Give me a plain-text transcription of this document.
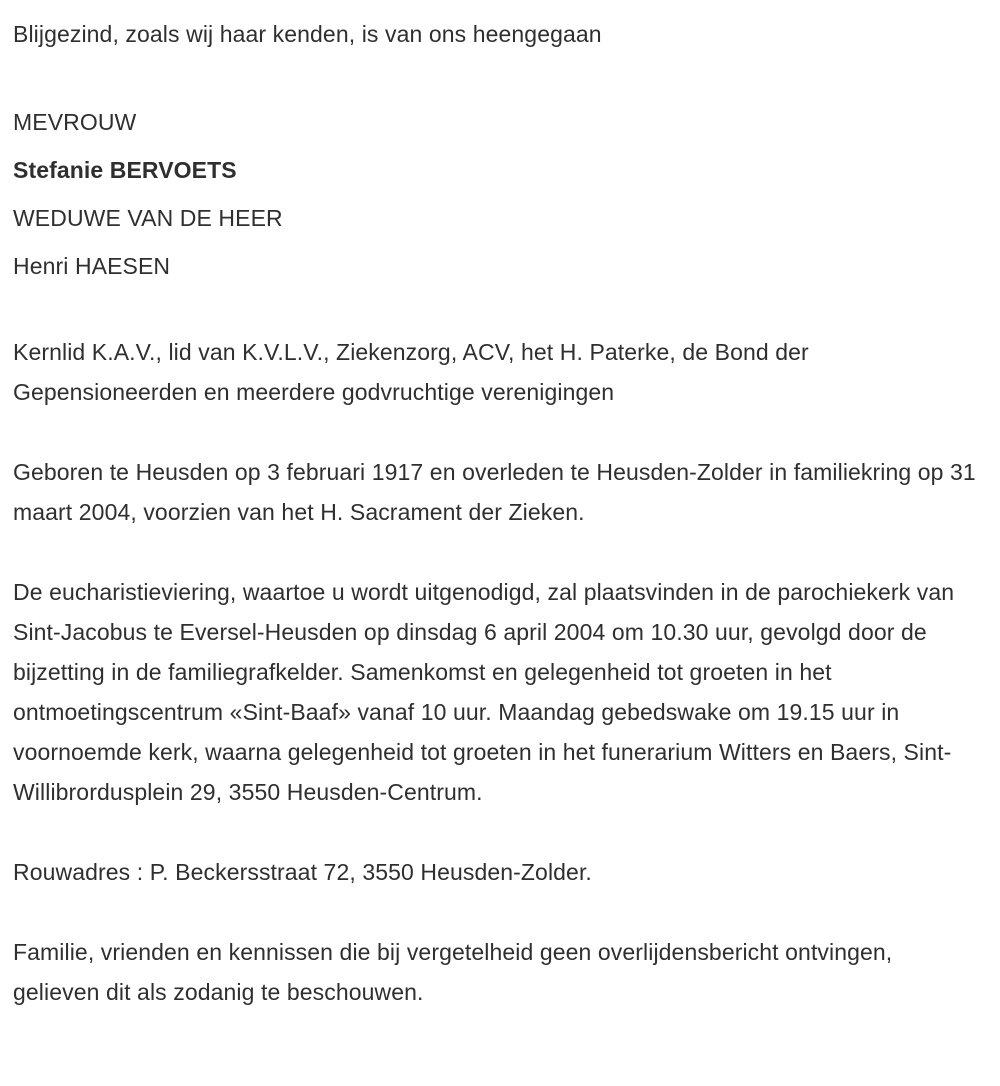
Blijgezind, zoals wij haar kenden, is van ons heengegaan

MEVROUW
Stefanie BERVOETS
WEDUWE VAN DE HEER
Henri HAESEN

Kernlid K.A.V., lid van K.V.L.V., Ziekenzorg, ACV, het H. Paterke, de Bond der Gepensioneerden en meerdere godvruchtige verenigingen

Geboren te Heusden op 3 februari 1917 en overleden te Heusden-Zolder in familiekring op 31 maart 2004, voorzien van het H. Sacrament der Zieken.

De eucharistieviering, waartoe u wordt uitgenodigd, zal plaatsvinden in de parochiekerk van Sint-Jacobus te Eversel-Heusden op dinsdag 6 april 2004 om 10.30 uur, gevolgd door de bijzetting in de familiegrafkelder. Samenkomst en gelegenheid tot groeten in het ontmoetingscentrum «Sint-Baaf» vanaf 10 uur. Maandag gebedswake om 19.15 uur in voornoemde kerk, waarna gelegenheid tot groeten in het funerarium Witters en Baers, Sint-Willibrordusplein 29, 3550 Heusden-Centrum.

Rouwadres : P. Beckersstraat 72, 3550 Heusden-Zolder.

Familie, vrienden en kennissen die bij vergetelheid geen overlijdensbericht ontvingen, gelieven dit als zodanig te beschouwen.
